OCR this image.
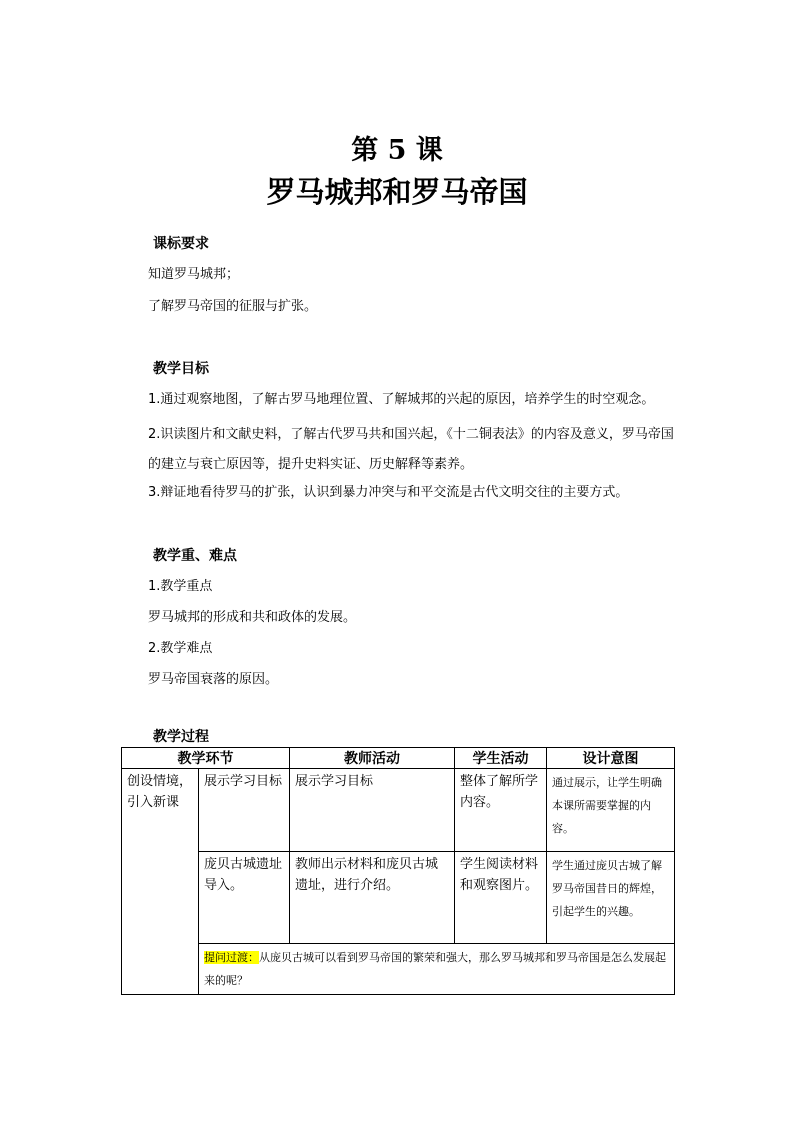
第 5 课
罗马城邦和罗马帝国
课标要求
知道罗马城邦；
了解罗马帝国的征服与扩张。
教学目标
1.通过观察地图，了解古罗马地理位置、了解城邦的兴起的原因，培养学生的时空观念。
2.识读图片和文献史料，了解古代罗马共和国兴起，《十二铜表法》的内容及意义，罗马帝国的建立与衰亡原因等，提升史料实证、历史解释等素养。
3.辩证地看待罗马的扩张，认识到暴力冲突与和平交流是古代文明交往的主要方式。
教学重、难点
1.教学重点
罗马城邦的形成和共和政体的发展。
2.教学难点
罗马帝国衰落的原因。
教学过程
教学环节		教师活动	学生活动	设计意图
创设情境，引入新课	展示学习目标	展示学习目标	整体了解所学内容。	通过展示，让学生明确本课所需要掌握的内容。
	庞贝古城遗址导入。	教师出示材料和庞贝古城遗址，进行介绍。	学生阅读材料和观察图片。	学生通过庞贝古城了解罗马帝国昔日的辉煌，引起学生的兴趣。
	提问过渡：从庞贝古城可以看到罗马帝国的繁荣和强大，那么罗马城邦和罗马帝国是怎么发展起来的呢？			
